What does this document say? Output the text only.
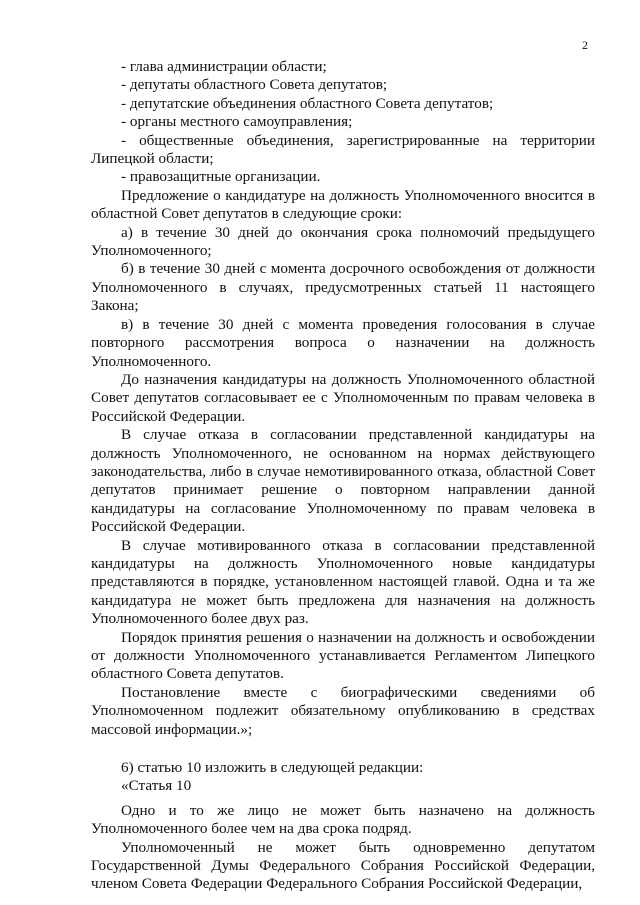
2

- глава администрации области;

- депутаты областного Совета депутатов;

- депутатские объединения областного Совета депутатов;

- органы местного самоуправления;

- общественные объединения, зарегистрированные на территории Липецкой области;

- правозащитные организации.

Предложение о кандидатуре на должность Уполномоченного вносится в областной Совет депутатов в следующие сроки:

а) в течение 30 дней до окончания срока полномочий предыдущего Уполномоченного;

б) в течение 30 дней с момента досрочного освобождения от должности Уполномоченного в случаях, предусмотренных статьей 11 настоящего Закона;

в) в течение 30 дней с момента проведения голосования в случае повторного рассмотрения вопроса о назначении на должность Уполномоченного.

До назначения кандидатуры на должность Уполномоченного областной Совет депутатов согласовывает ее с Уполномоченным по правам человека в Российской Федерации.

В случае отказа в согласовании представленной кандидатуры на должность Уполномоченного, не основанном на нормах действующего законодательства, либо в случае немотивированного отказа, областной Совет депутатов принимает решение о повторном направлении данной кандидатуры на согласование Уполномоченному по правам человека в Российской Федерации.

В случае мотивированного отказа в согласовании представленной кандидатуры на должность Уполномоченного новые кандидатуры представляются в порядке, установленном настоящей главой. Одна и та же кандидатура не может быть предложена для назначения на должность Уполномоченного более двух раз.

Порядок принятия решения о назначении на должность и освобождении от должности Уполномоченного устанавливается Регламентом Липецкого областного Совета депутатов.

Постановление вместе с биографическими сведениями об Уполномоченном подлежит обязательному опубликованию в средствах массовой информации.»;

6) статью 10 изложить в следующей редакции:

«Статья 10

Одно и то же лицо не может быть назначено на должность Уполномоченного более чем на два срока подряд.

Уполномоченный не может быть одновременно депутатом Государственной Думы Федерального Собрания Российской Федерации, членом Совета Федерации Федерального Собрания Российской Федерации,
